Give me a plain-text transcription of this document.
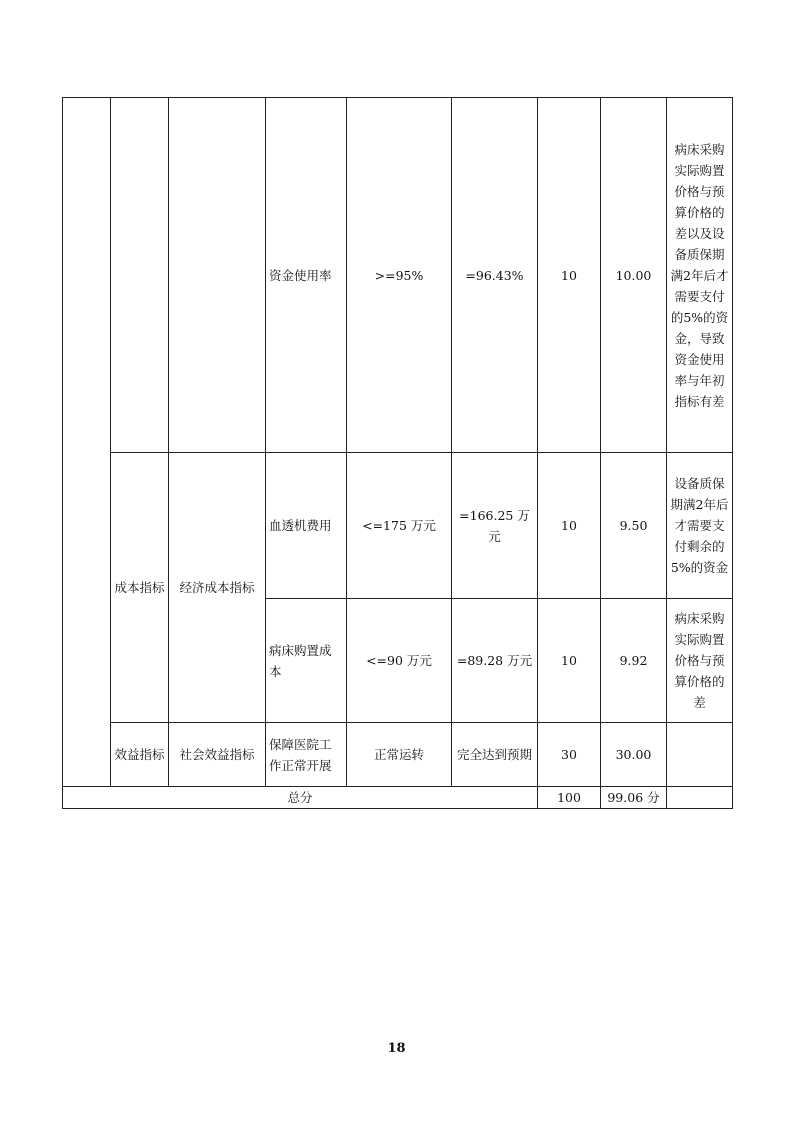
			资金使用率	>=95%	=96.43%	10	10.00	病床采购实际购置价格与预算价格的差以及设备质保期满2年后才需要支付的5%的资金，导致资金使用率与年初指标有差
	成本指标	经济成本指标	血透机费用	<=175 万元	=166.25 万元	10	9.50	设备质保期满2年后才需要支付剩余的5%的资金
			病床购置成本	<=90 万元	=89.28 万元	10	9.92	病床采购实际购置价格与预算价格的差
	效益指标	社会效益指标	保障医院工作正常开展	正常运转	完全达到预期	30	30.00	
总分						100	99.06 分	
18
